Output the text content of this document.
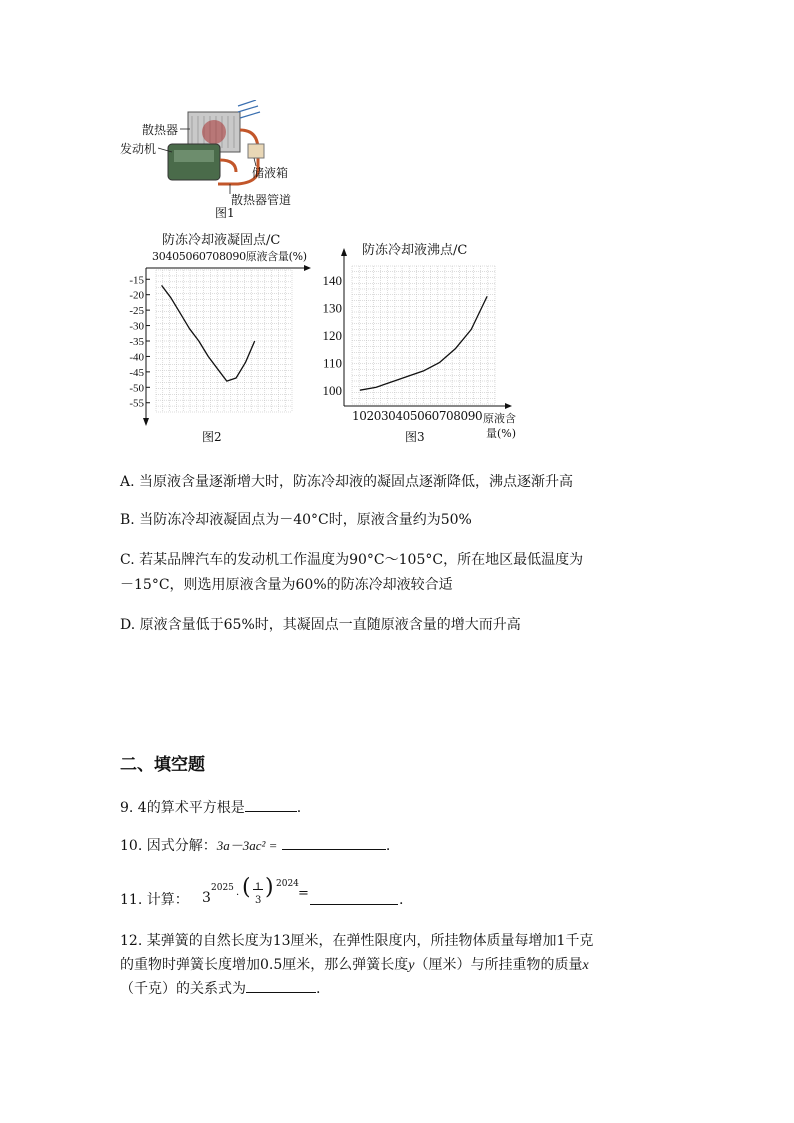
散热器
发动机
储液箱
散热器管道
图1
防冻冷却液凝固点/C
30405060708090原液含量(%)
-15
-20
-25
-30
-35
-40
-45
-50
-55
图2
防冻冷却液沸点/C
140
130
120
110
100
102030405060708090 原液含
量(%)
图3
A. 当原液含量逐渐增大时，防冻冷却液的凝固点逐渐降低，沸点逐渐升高
B. 当防冻冷却液凝固点为－40°C时，原液含量约为50%
C. 若某品牌汽车的发动机工作温度为90°C～105°C，所在地区最低温度为
－15°C，则选用原液含量为60%的防冻冷却液较合适
D. 原液含量低于65%时，其凝固点一直随原液含量的增大而升高
二、填空题
9. 4的算术平方根是	.
10. 因式分解：3a－3ac² =	.
11. 计算： 3
2025
· ( 1
3
) 2024
=	.
12. 某弹簧的自然长度为13厘米，在弹性限度内，所挂物体质量每增加1千克
的重物时弹簧长度增加0.5厘米，那么弹簧长度y（厘米）与所挂重物的质量x
（千克）的关系式为	.
